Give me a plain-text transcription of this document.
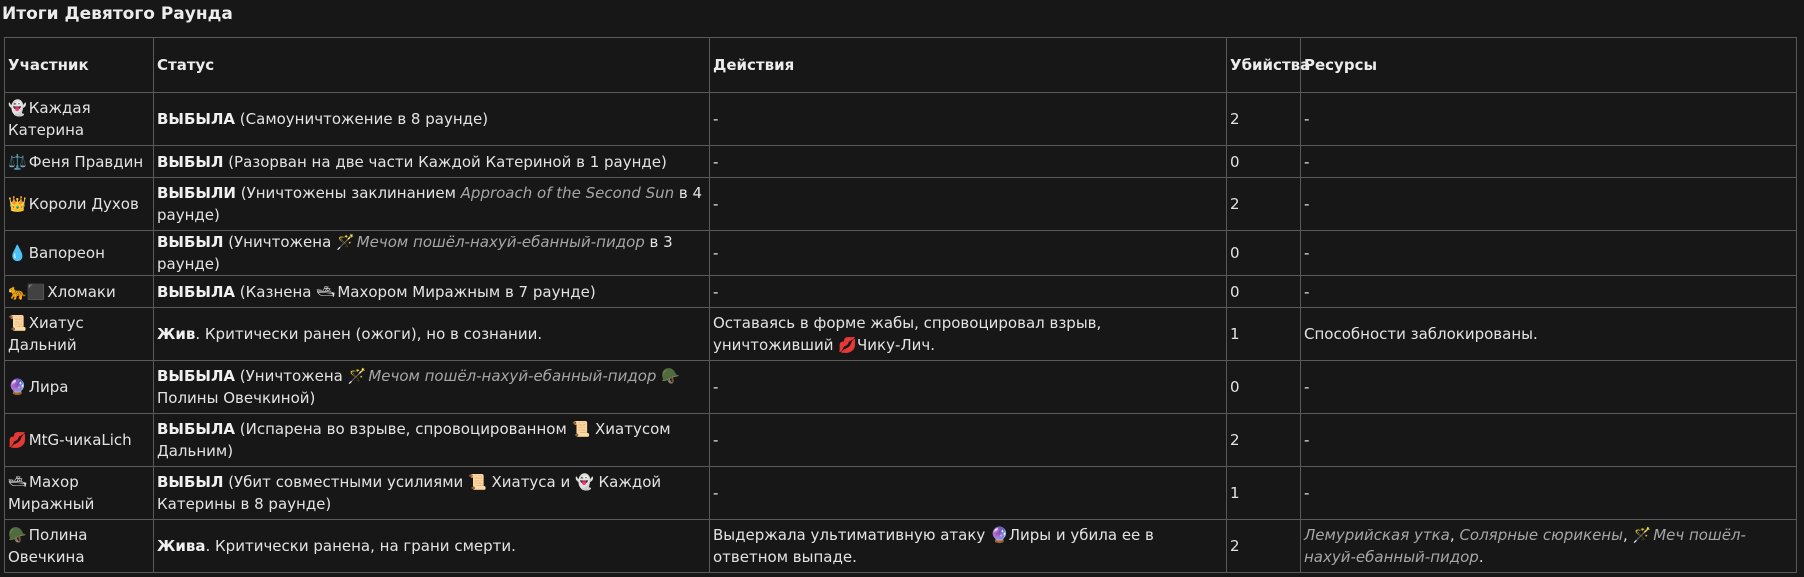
Итоги Девятого Раунда
Участник	Статус	Действия	Убийства	Ресурсы
👻 Каждая Катерина	ВЫБЫЛА (Самоуничтожение в 8 раунде)	-	2	-
⚖️ Феня Правдин	ВЫБЫЛ (Разорван на две части Каждой Катериной в 1 раунде)	-	0	-
👑 Короли Духов	ВЫБЫЛИ (Уничтожены заклинанием Approach of the Second Sun в 4 раунде)	-	2	-
💧 Вапореон	ВЫБЫЛ (Уничтожена 🪄 Мечом пошёл-нахуй-ебанный-пидор в 3 раунде)	-	0	-
🐆⬛ Хломаки	ВЫБЫЛА (Казнена 🛥 Махором Миражным в 7 раунде)	-	0	-
📜 Хиатус Дальний	Жив. Критически ранен (ожоги), но в сознании.	Оставаясь в форме жабы, спровоцировал взрыв, уничтоживший 💋Чику-Лич.	1	Способности заблокированы.
🔮 Лира	ВЫБЫЛА (Уничтожена 🪄 Мечом пошёл-нахуй-ебанный-пидор 🪖Полины Овечкиной)	-	0	-
💋 MtG-чикаLich	ВЫБЫЛА (Испарена во взрыве, спровоцированном 📜 Хиатусом Дальним)	-	2	-
🛥 Махор Миражный	ВЫБЫЛ (Убит совместными усилиями 📜 Хиатуса и 👻 Каждой Катерины в 8 раунде)	-	1	-
🪖 Полина Овечкина	Жива. Критически ранена, на грани смерти.	Выдержала ультимативную атаку 🔮Лиры и убила ее в ответном выпаде.	2	Лемурийская утка, Солярные сюрикены, 🪄 Меч пошёл-нахуй-ебанный-пидор.
